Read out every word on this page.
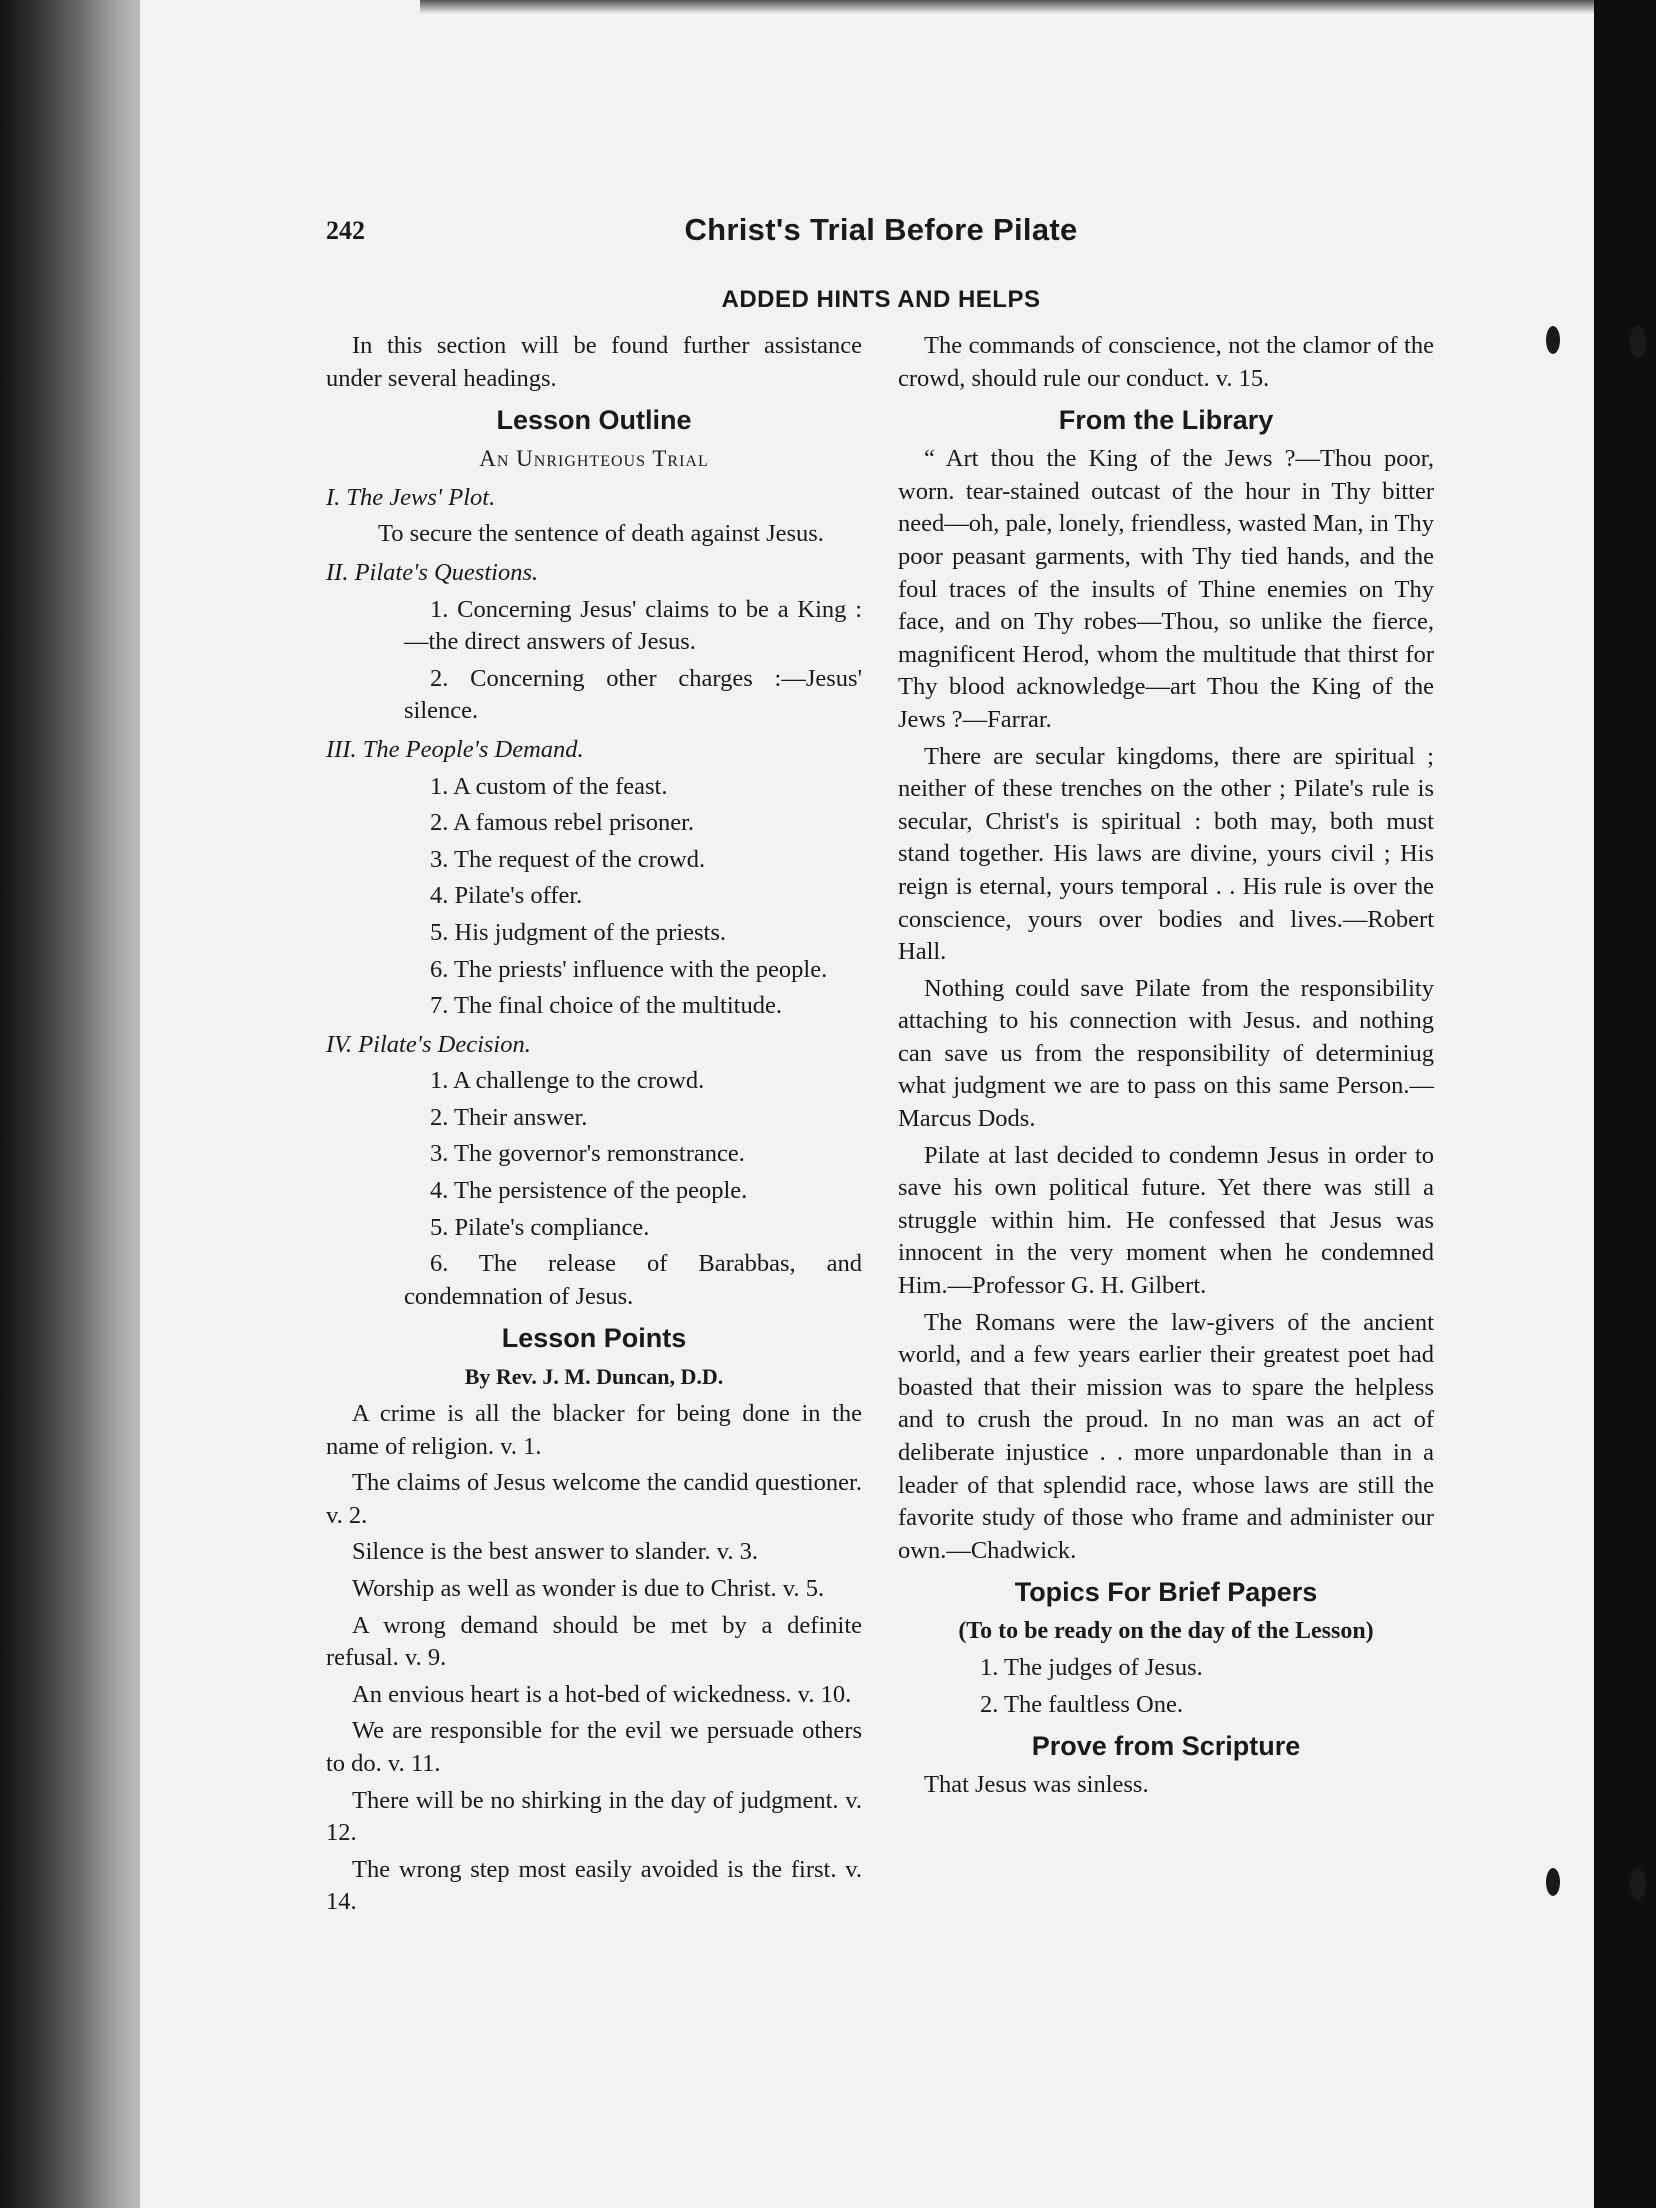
242	Christ's Trial Before Pilate
ADDED HINTS AND HELPS

In this section will be found further assistance under several headings.

Lesson Outline
An Unrighteous Trial
I. The Jews' Plot.

To secure the sentence of death against Jesus.

II. Pilate's Questions.

1. Concerning Jesus' claims to be a King : —the direct answers of Jesus.

2. Concerning other charges :—Jesus' silence.

III. The People's Demand.

1. A custom of the feast.

2. A famous rebel prisoner.

3. The request of the crowd.

4. Pilate's offer.

5. His judgment of the priests.

6. The priests' influence with the people.

7. The final choice of the multitude.

IV. Pilate's Decision.

1. A challenge to the crowd.

2. Their answer.

3. The governor's remonstrance.

4. The persistence of the people.

5. Pilate's compliance.

6. The release of Barabbas, and condemnation of Jesus.

Lesson Points
By Rev. J. M. Duncan, D.D.

A crime is all the blacker for being done in the name of religion. v. 1.

The claims of Jesus welcome the candid questioner. v. 2.

Silence is the best answer to slander. v. 3.

Worship as well as wonder is due to Christ. v. 5.

A wrong demand should be met by a definite refusal. v. 9.

An envious heart is a hot-bed of wickedness. v. 10.

We are responsible for the evil we persuade others to do. v. 11.

There will be no shirking in the day of judgment. v. 12.

The wrong step most easily avoided is the first. v. 14.

The commands of conscience, not the clamor of the crowd, should rule our conduct. v. 15.

From the Library

“ Art thou the King of the Jews ?—Thou poor, worn. tear-stained outcast of the hour in Thy bitter need—oh, pale, lonely, friendless, wasted Man, in Thy poor peasant garments, with Thy tied hands, and the foul traces of the insults of Thine enemies on Thy face, and on Thy robes—Thou, so unlike the fierce, magnificent Herod, whom the multitude that thirst for Thy blood acknowledge—art Thou the King of the Jews ?—Farrar.

There are secular kingdoms, there are spiritual ; neither of these trenches on the other ; Pilate's rule is secular, Christ's is spiritual : both may, both must stand together. His laws are divine, yours civil ; His reign is eternal, yours temporal . . His rule is over the conscience, yours over bodies and lives.—Robert Hall.

Nothing could save Pilate from the responsibility attaching to his connection with Jesus. and nothing can save us from the responsibility of determiniug what judgment we are to pass on this same Person.—Marcus Dods.

Pilate at last decided to condemn Jesus in order to save his own political future. Yet there was still a struggle within him. He confessed that Jesus was innocent in the very moment when he condemned Him.—Professor G. H. Gilbert.

The Romans were the law-givers of the ancient world, and a few years earlier their greatest poet had boasted that their mission was to spare the helpless and to crush the proud. In no man was an act of deliberate injustice . . more unpardonable than in a leader of that splendid race, whose laws are still the favorite study of those who frame and administer our own.—Chadwick.

Topics For Brief Papers
(To to be ready on the day of the Lesson)

1. The judges of Jesus.

2. The faultless One.

Prove from Scripture

That Jesus was sinless.
